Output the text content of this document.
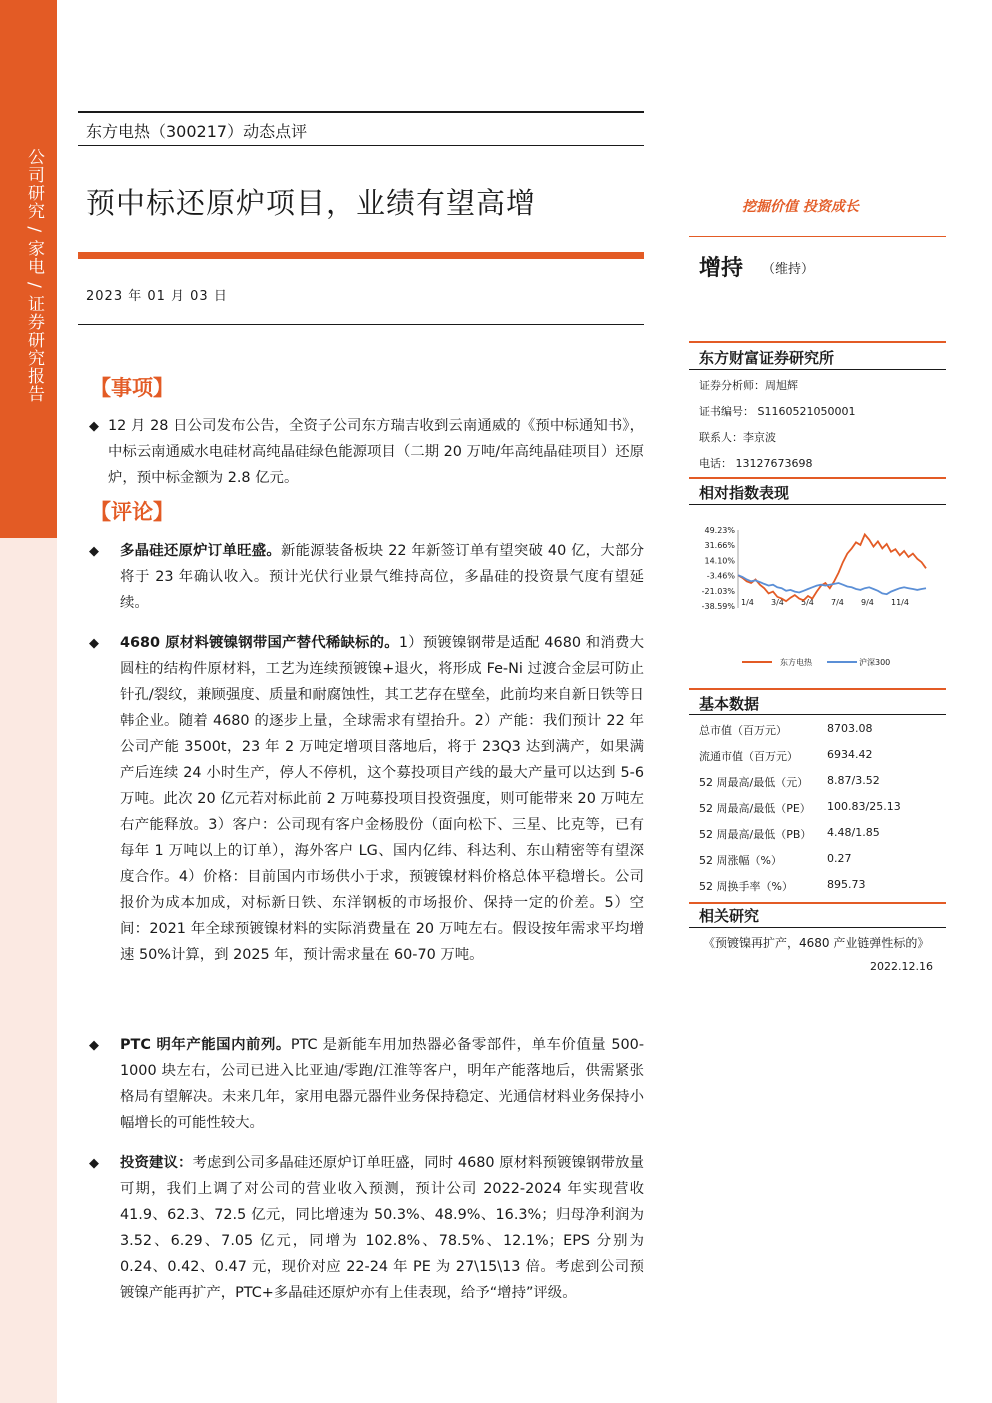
公司研究 / 家电 / 证券研究报告
东方电热（300217）动态点评
预中标还原炉项目，业绩有望高增
2023 年 01 月 03 日
【事项】
◆ 12 月 28 日公司发布公告，全资子公司东方瑞吉收到云南通威的《预中标通知书》，中标云南通威水电硅材高纯晶硅绿色能源项目（二期 20 万吨/年高纯晶硅项目）还原炉，预中标金额为 2.8 亿元。
【评论】
◆ 多晶硅还原炉订单旺盛。新能源装备板块 22 年新签订单有望突破 40 亿，大部分将于 23 年确认收入。预计光伏行业景气维持高位，多晶硅的投资景气度有望延续。
◆ 4680 原材料镀镍钢带国产替代稀缺标的。1）预镀镍钢带是适配 4680 和消费大圆柱的结构件原材料，工艺为连续预镀镍+退火，将形成 Fe-Ni 过渡合金层可防止针孔/裂纹，兼顾强度、质量和耐腐蚀性，其工艺存在壁垒，此前均来自新日铁等日韩企业。随着 4680 的逐步上量，全球需求有望抬升。2）产能：我们预计 22 年公司产能 3500t，23 年 2 万吨定增项目落地后，将于 23Q3 达到满产，如果满产后连续 24 小时生产，停人不停机，这个募投项目产线的最大产量可以达到 5-6 万吨。此次 20 亿元若对标此前 2 万吨募投项目投资强度，则可能带来 20 万吨左右产能释放。3）客户：公司现有客户金杨股份（面向松下、三星、比克等，已有每年 1 万吨以上的订单），海外客户 LG、国内亿纬、科达利、东山精密等有望深度合作。4）价格：目前国内市场供小于求，预镀镍材料价格总体平稳增长。公司报价为成本加成，对标新日铁、东洋钢板的市场报价、保持一定的价差。5）空间：2021 年全球预镀镍材料的实际消费量在 20 万吨左右。假设按年需求平均增速 50%计算，到 2025 年，预计需求量在 60-70 万吨。
◆ PTC 明年产能国内前列。PTC 是新能车用加热器必备零部件，单车价值量 500-1000 块左右，公司已进入比亚迪/零跑/江淮等客户，明年产能落地后，供需紧张格局有望解决。未来几年，家用电器元器件业务保持稳定、光通信材料业务保持小幅增长的可能性较大。
◆ 投资建议：考虑到公司多晶硅还原炉订单旺盛，同时 4680 原材料预镀镍钢带放量可期，我们上调了对公司的营业收入预测，预计公司 2022-2024 年实现营收 41.9、62.3、72.5 亿元，同比增速为 50.3%、48.9%、16.3%；归母净利润为 3.52、6.29、7.05 亿元，同增为 102.8%、78.5%、12.1%；EPS 分别为 0.24、0.42、0.47 元，现价对应 22-24 年 PE 为 27\15\13 倍。考虑到公司预镀镍产能再扩产，PTC+多晶硅还原炉亦有上佳表现，给予“增持”评级。
挖掘价值 投资成长
增持 （维持）
东方财富证券研究所
证券分析师：周旭辉
证书编号： S1160521050001
联系人：李京波
电话： 13127673698
相对指数表现
49.23%
31.66%
14.10%
-3.46%
-21.03%
-38.59% 1/4 3/4 5/4 7/4 9/4 11/4
东方电热	沪深300
基本数据
总市值（百万元）	8703.08
流通市值（百万元）	6934.42
52 周最高/最低（元） 8.87/3.52
52 周最高/最低（PE） 100.83/25.13
52 周最高/最低（PB） 4.48/1.85
52 周涨幅（%）	0.27
52 周换手率（%）	895.73
相关研究
《预镀镍再扩产，4680 产业链弹性标的》
2022.12.16
